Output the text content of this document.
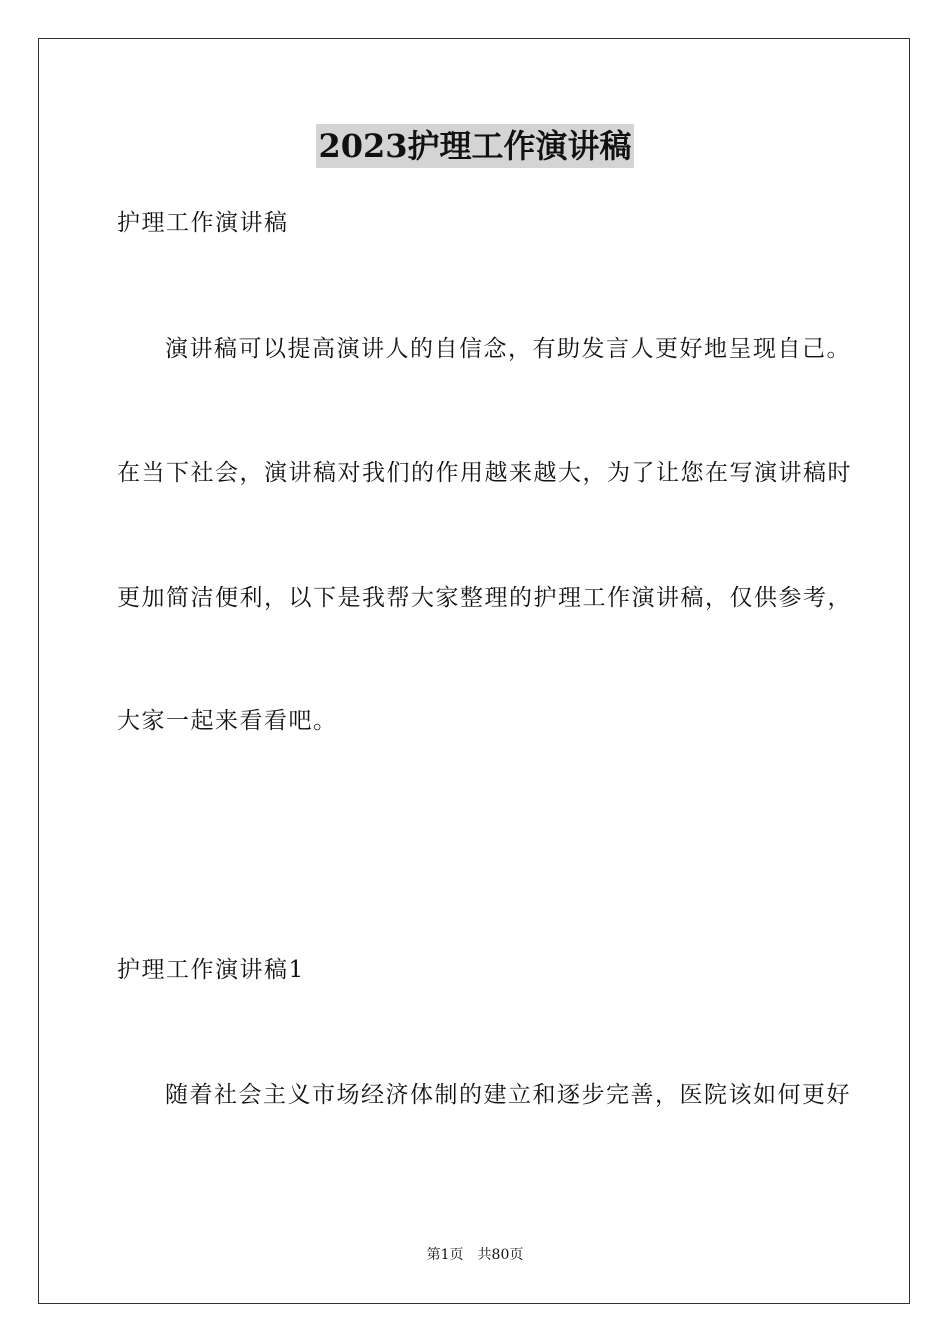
2023护理工作演讲稿
护理工作演讲稿
演讲稿可以提高演讲人的自信念，有助发言人更好地呈现自己。
在当下社会，演讲稿对我们的作用越来越大，为了让您在写演讲稿时
更加简洁便利，以下是我帮大家整理的护理工作演讲稿，仅供参考，
大家一起来看看吧。
护理工作演讲稿1
随着社会主义市场经济体制的建立和逐步完善，医院该如何更好
第1页 共80页
